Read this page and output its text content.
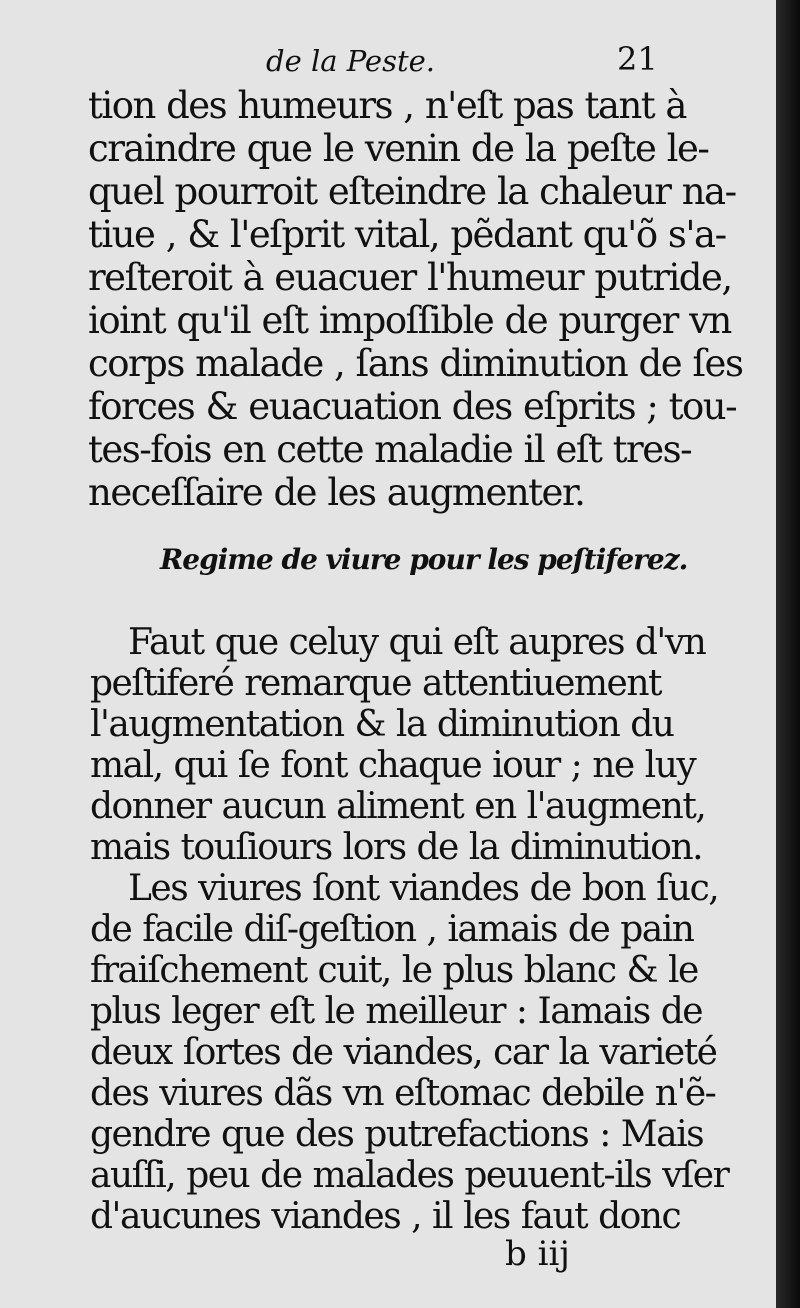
de la Peste.	21
tion des humeurs , n'eſt pas tant à
craindre que le venin de la peſte le-
quel pourroit eſteindre la chaleur na-
tiue , & l'eſprit vital, pẽdant qu'õ s'a-
reſteroit à euacuer l'humeur putride,
ioint qu'il eſt impoſſible de purger vn
corps malade , ſans diminution de ſes
forces & euacuation des eſprits ; tou-
tes-fois en cette maladie il eſt tres-
neceſſaire de les augmenter.
Regime de viure pour les peſtiferez.
Faut que celuy qui eſt aupres d'vn
peſtiferé remarque attentiuement
l'augmentation & la diminution du
mal, qui ſe font chaque iour ; ne luy
donner aucun aliment en l'augment,
mais touſiours lors de la diminution.
Les viures ſont viandes de bon ſuc,
de facile diſ-geſtion , iamais de pain
fraiſchement cuit, le plus blanc & le
plus leger eſt le meilleur : Iamais de
deux ſortes de viandes, car la varieté
des viures dãs vn eſtomac debile n'ẽ-
gendre que des putrefactions : Mais
auſſi, peu de malades peuuent-ils vſer
d'aucunes viandes , il les faut donc
b iij
